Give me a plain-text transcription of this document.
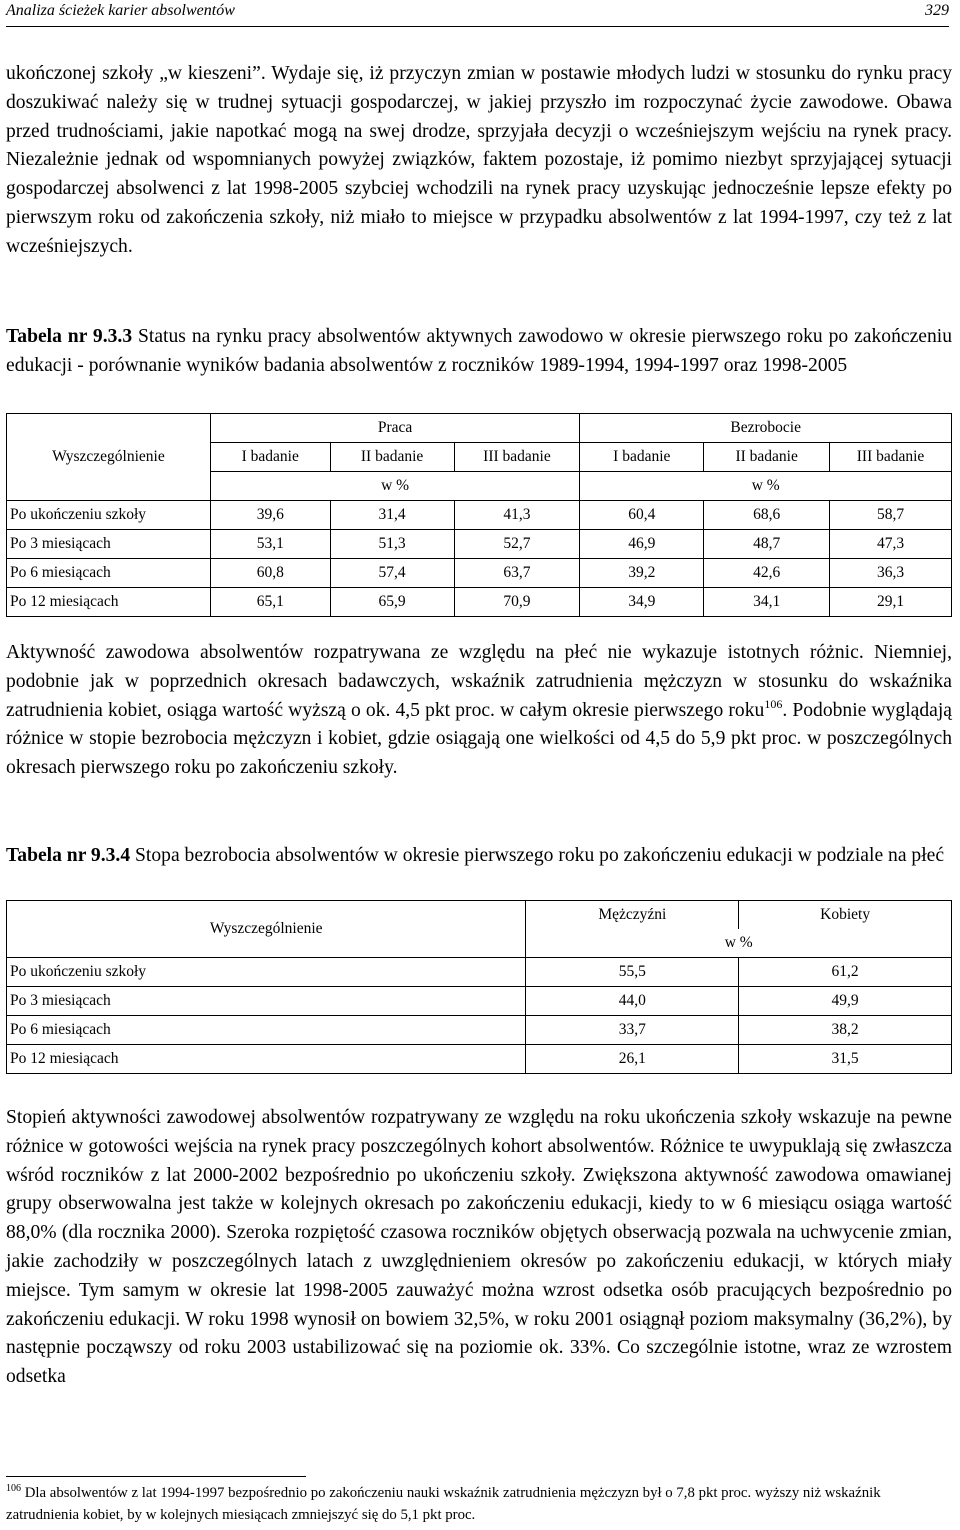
Analiza ścieżek karier absolwentów	329

ukończonej szkoły „w kieszeni”. Wydaje się, iż przyczyn zmian w postawie młodych ludzi w stosunku do rynku pracy doszukiwać należy się w trudnej sytuacji gospodarczej, w jakiej przyszło im rozpoczynać życie zawodowe. Obawa przed trudnościami, jakie napotkać mogą na swej drodze, sprzyjała decyzji o wcześniejszym wejściu na rynek pracy. Niezależnie jednak od wspomnianych powyżej związków, faktem pozostaje, iż pomimo niezbyt sprzyjającej sytuacji gospodarczej absolwenci z lat 1998-2005 szybciej wchodzili na rynek pracy uzyskując jednocześnie lepsze efekty po pierwszym roku od zakończenia szkoły, niż miało to miejsce w przypadku absolwentów z lat 1994-1997, czy też z lat wcześniejszych.

Tabela nr 9.3.3 Status na rynku pracy absolwentów aktywnych zawodowo w okresie pierwszego roku po zakończeniu edukacji - porównanie wyników badania absolwentów z roczników 1989-1994, 1994-1997 oraz 1998-2005

Wyszczególnienie	Praca			Bezrobocie		
	I badanie	II badanie	III badanie	I badanie	II badanie	III badanie
	w %			w %		
Po ukończeniu szkoły	39,6	31,4	41,3	60,4	68,6	58,7
Po 3 miesiącach	53,1	51,3	52,7	46,9	48,7	47,3
Po 6 miesiącach	60,8	57,4	63,7	39,2	42,6	36,3
Po 12 miesiącach	65,1	65,9	70,9	34,9	34,1	29,1

Aktywność zawodowa absolwentów rozpatrywana ze względu na płeć nie wykazuje istotnych różnic. Niemniej, podobnie jak w poprzednich okresach badawczych, wskaźnik zatrudnienia mężczyzn w stosunku do wskaźnika zatrudnienia kobiet, osiąga wartość wyższą o ok. 4,5 pkt proc. w całym okresie pierwszego roku$^{106}$. Podobnie wyglądają różnice w stopie bezrobocia mężczyzn i kobiet, gdzie osiągają one wielkości od 4,5 do 5,9 pkt proc. w poszczególnych okresach pierwszego roku po zakończeniu szkoły.

Tabela nr 9.3.4 Stopa bezrobocia absolwentów w okresie pierwszego roku po zakończeniu edukacji w podziale na płeć

Wyszczególnienie	Mężczyźni	Kobiety
	w %	
Po ukończeniu szkoły	55,5	61,2
Po 3 miesiącach	44,0	49,9
Po 6 miesiącach	33,7	38,2
Po 12 miesiącach	26,1	31,5

Stopień aktywności zawodowej absolwentów rozpatrywany ze względu na roku ukończenia szkoły wskazuje na pewne różnice w gotowości wejścia na rynek pracy poszczególnych kohort absolwentów. Różnice te uwypuklają się zwłaszcza wśród roczników z lat 2000-2002 bezpośrednio po ukończeniu szkoły. Zwiększona aktywność zawodowa omawianej grupy obserwowalna jest także w kolejnych okresach po zakończeniu edukacji, kiedy to w 6 miesiącu osiąga wartość 88,0% (dla rocznika 2000). Szeroka rozpiętość czasowa roczników objętych obserwacją pozwala na uchwycenie zmian, jakie zachodziły w poszczególnych latach z uwzględnieniem okresów po zakończeniu edukacji, w których miały miejsce. Tym samym w okresie lat 1998-2005 zauważyć można wzrost odsetka osób pracujących bezpośrednio po zakończeniu edukacji. W roku 1998 wynosił on bowiem 32,5%, w roku 2001 osiągnął poziom maksymalny (36,2%), by następnie począwszy od roku 2003 ustabilizować się na poziomie ok. 33%. Co szczególnie istotne, wraz ze wzrostem odsetka

$^{106}$ Dla absolwentów z lat 1994-1997 bezpośrednio po zakończeniu nauki wskaźnik zatrudnienia mężczyzn był o 7,8 pkt proc. wyższy niż wskaźnik zatrudnienia kobiet, by w kolejnych miesiącach zmniejszyć się do 5,1 pkt proc.
